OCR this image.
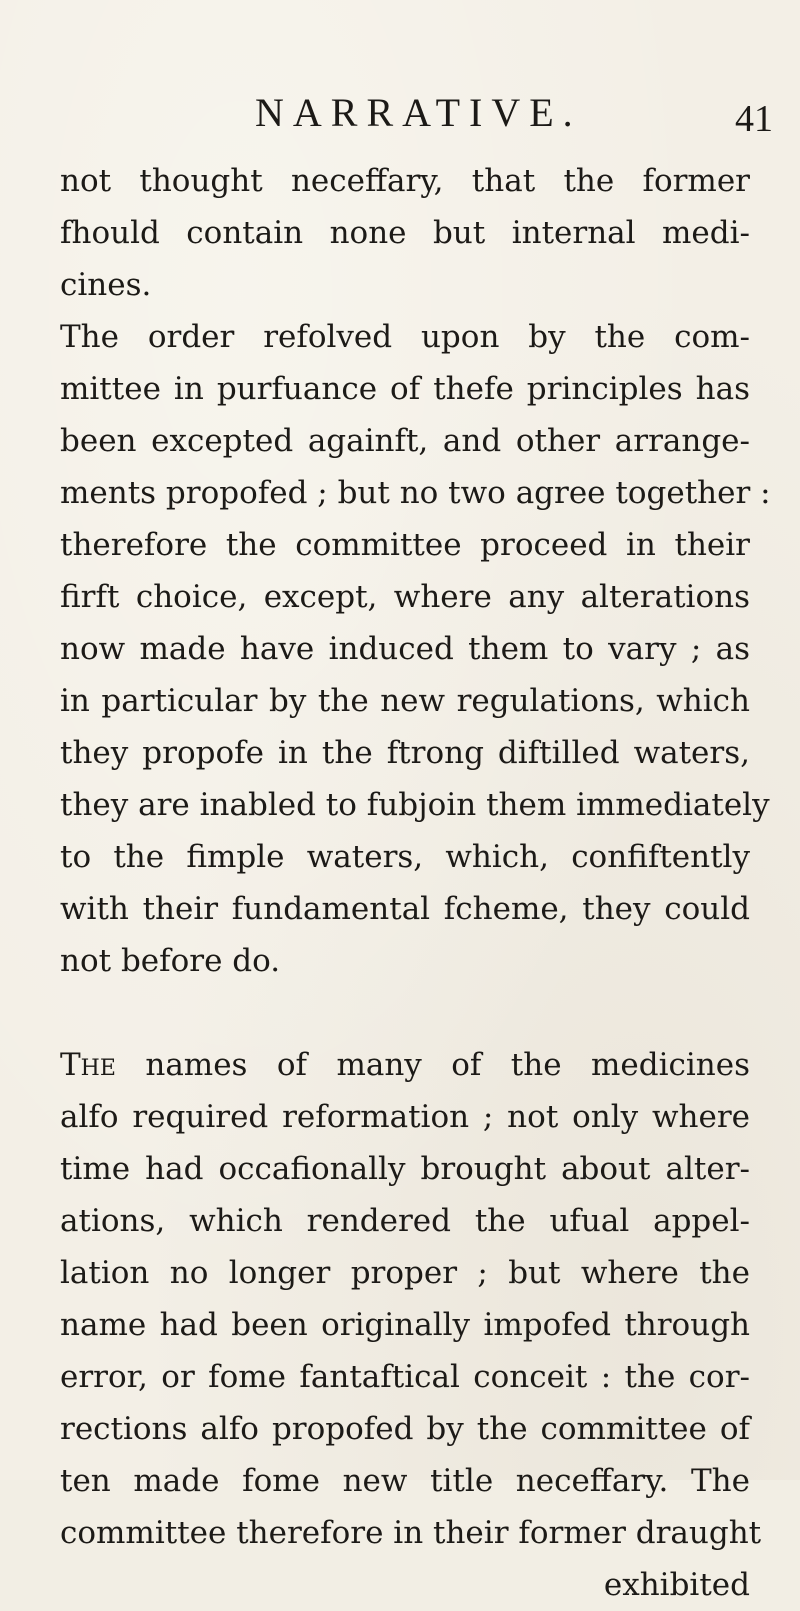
NARRATIVE.	41
not thought neceffary, that the former
fhould contain none but internal medi-
cines.
The order refolved upon by the com-
mittee in purfuance of thefe principles has
been excepted againft, and other arrange-
ments propofed ; but no two agree together :
therefore the committee proceed in their
firft choice, except, where any alterations
now made have induced them to vary ; as
in particular by the new regulations, which
they propofe in the ftrong diftilled waters,
they are inabled to fubjoin them immediately
to the fimple waters, which, confiftently
with their fundamental fcheme, they could
not before do.
The names of many of the medicines
alfo required reformation ; not only where
time had occafionally brought about alter-
ations, which rendered the ufual appel-
lation no longer proper ; but where the
name had been originally impofed through
error, or fome fantaftical conceit : the cor-
rections alfo propofed by the committee of
ten made fome new title neceffary. The
committee therefore in their former draught
exhibited
